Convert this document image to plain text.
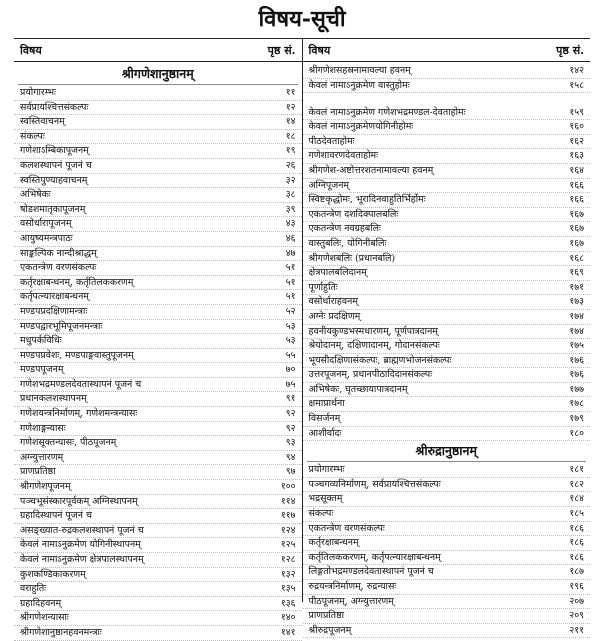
विषय-सूची
विषय	पृष्ठ सं. विषय	पृष्ठ सं.
श्रीगणेशानुष्ठानम्
प्रयोगारम्भः	११
सर्वप्रायश्चित्तसंकल्पः	१२
स्वस्तिवाचनम्	१४
संकल्पः	१८
गणेशाऽम्बिकापूजनम्	१९
कलशस्थापनं पूजनं च	२६
स्वस्तिपुण्याहवाचनम्	३२
अभिषेकः	३८
षोडशमातृकापूजनम्	३९
वसोर्धारापूजनम्	४३
आयुष्यमन्त्रपाठः	४६
साङ्कल्पिक नान्दीश्राद्धम्	४७
एकतन्त्रेण वरणसंकल्पः	५१
कर्तृरक्षाबन्धनम्, कर्तृतिलककरणम्	५१
कर्तृपत्न्यारक्षाबन्धनम्	५१
मण्डपप्रदक्षिणामन्त्राः	५२
मण्डपद्वारभूमिपूजनमन्त्राः	५३
मधुपर्कविधिः	५३
मण्डपप्रवेशः, मण्डपाङ्गवास्तुपूजनम्	५५
मण्डपपूजनम्	७०
गणेशभद्रमण्डलदेवतास्थापनं पूजनं च	७५
प्रधानकलशस्थापनम्	९१
गणेशयन्त्रनिर्माणम्, गणेशमन्त्रन्यासः	९२
गणेशाङ्गन्यासः	९२
गणेशसूक्तन्यासः, पीठपूजनम्	९३
अग्न्युत्तारणम्	९४
प्राणप्रतिष्ठा	९७
श्रीगणेशपूजनम्	१००
पञ्चभूसंस्कारपूर्वकम् अग्निस्थापनम्	११४
ग्रहादिस्थापनं पूजनं च	११७
असङ्ख्यात-रुद्रकलशस्थापनं पूजनं च	१२४
केवलं नामाऽनुक्रमेण योगिनीस्थापनम्	१२५
केवलं नामाऽनुक्रमेण क्षेत्रपालस्थापनम्	१२८
कुशकण्डिकाकरणम्	१३२
वराहुतिः	१३५
ग्रहादिहवनम्	१३६
श्रीगणेशन्यासाः	१४०
श्रीगणेशानुष्ठानहवनमन्त्राः	१४१
श्रीगणेशसहस्रनामावल्या हवनम्	१४२
केवलं नामाऽनुक्रमेण वास्तुहोमः	१५८
केवलं नामाऽनुक्रमेण गणेशभद्रमण्डल-देवताहोमः	१५९
केवलं नामाऽनुक्रमेणयोगिनीहोमः	१६०
पीठदेवताहोमः	१६२
गणेशावरणदेवताहोमः	१६३
श्रीगणेश-अष्टोत्तरशतनामावल्या हवनम्	१६४
अग्निपूजनम्	१६६
स्विष्टकृद्धोमः, भूरादिनवाहुतिर्भिर्होमः	१६६
एकतन्त्रेण दशदिक्पालबलिः	१६७
एकतन्त्रेण नवग्रहबलिः	१६७
वास्तुबलिः, योगिनीबलिः	१६७
श्रीगणेशबलिः (प्रधानबलि)	१६८
क्षेत्रपालबलिदानम्	१६९
पूर्णाहुतिः	१७१
वसोर्धाराहवनम्	१७३
अग्नेः प्रदक्षिणम्	१७४
हवनीयकुण्डभस्मधारणम्, पूर्णपात्रदानम्	१७४
श्रेयोदानम्, दक्षिणादानम्, गोदानसंकल्पः	१७५
भूयसीदक्षिणासंकल्पः, ब्राह्मणभोजनसंकल्पः	१७६
उत्तरपूजनम्, प्रधानपीठादिदानसंकल्पः	१७६
अभिषेकः, घृतच्छायापात्रदानम्	१७७
क्षमाप्रार्थना	१७८
विसर्जनम्	१७९
आशीर्वादः	१८०
श्रीरुद्रानुष्ठानम्
प्रयोगारम्भः	१८१
पञ्चगव्यनिर्माणम्, सर्वप्रायश्चित्तसंकल्पः	१८२
भद्रसूक्तम्	१८४
संकल्पः	१८५
एकतन्त्रेण वरणसंकल्पः	१८६
कर्तृरक्षाबन्धनम्	१८६
कर्तृतिलककरणम्, कर्तृपत्न्यारक्षाबन्धनम्	१८६
लिङ्गतोभद्रमण्डलदेवतास्थापनं पूजनं च	१८७
रुद्रयन्त्रनिर्माणम्, रुद्रन्यासः	१९६
पीठपूजनम्, अग्न्युत्तारणम्	२०७
प्राणप्रतिष्ठा	२०९
श्रीरुद्रपूजनम्	२११
